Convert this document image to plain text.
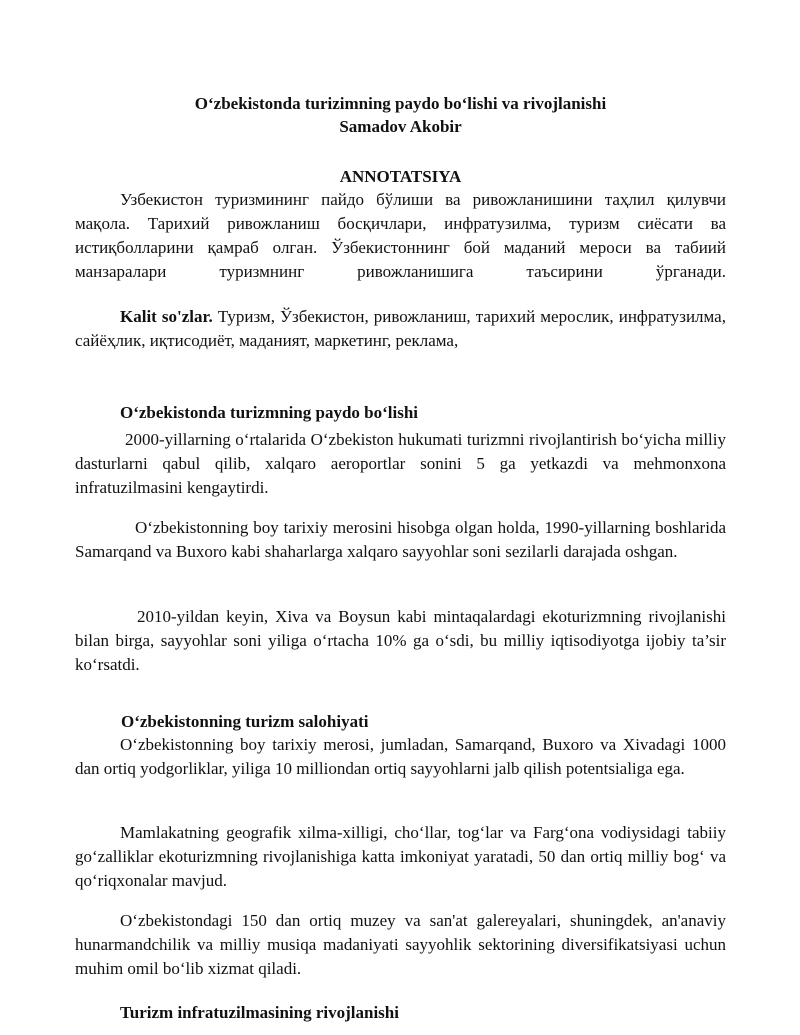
O‘zbekistonda turizimning paydo bo‘lishi va rivojlanishi
Samadov Akobir
ANNOTATSIYA
Узбекистон туризмининг пайдо бўлиши ва ривожланишини таҳлил қилувчи мақола. Тарихий ривожланиш босқичлари, инфратузилма, туризм сиёсати ва истиқболларини қамраб олган. Ўзбекистоннинг бой маданий мероси ва табиий манзаралари туризмнинг ривожланишига таъсирини ўрганади.
Kalit so'zlar. Туризм, Ўзбекистон, ривожланиш, тарихий мерослик, инфратузилма, сайёҳлик, иқтисодиёт, маданият, маркетинг, реклама,
O‘zbekistonda turizmning paydo bo‘lishi
2000-yillarning o‘rtalarida O‘zbekiston hukumati turizmni rivojlantirish bo‘yicha milliy dasturlarni qabul qilib, xalqaro aeroportlar sonini 5 ga yetkazdi va mehmonxona infratuzilmasini kengaytirdi.
O‘zbekistonning boy tarixiy merosini hisobga olgan holda, 1990-yillarning boshlarida Samarqand va Buxoro kabi shaharlarga xalqaro sayyohlar soni sezilarli darajada oshgan.
2010-yildan keyin, Xiva va Boysun kabi mintaqalardagi ekoturizmning rivojlanishi bilan birga, sayyohlar soni yiliga o‘rtacha 10% ga o‘sdi, bu milliy iqtisodiyotga ijobiy ta’sir ko‘rsatdi.
O‘zbekistonning turizm salohiyati
O‘zbekistonning boy tarixiy merosi, jumladan, Samarqand, Buxoro va Xivadagi 1000 dan ortiq yodgorliklar, yiliga 10 milliondan ortiq sayyohlarni jalb qilish potentsialiga ega.
Mamlakatning geografik xilma-xilligi, cho‘llar, tog‘lar va Farg‘ona vodiysidagi tabiiy go‘zalliklar ekoturizmning rivojlanishiga katta imkoniyat yaratadi, 50 dan ortiq milliy bog‘ va qo‘riqxonalar mavjud.
O‘zbekistondagi 150 dan ortiq muzey va san'at galereyalari, shuningdek, an'anaviy hunarmandchilik va milliy musiqa madaniyati sayyohlik sektorining diversifikatsiyasi uchun muhim omil bo‘lib xizmat qiladi.
Turizm infratuzilmasining rivojlanishi
